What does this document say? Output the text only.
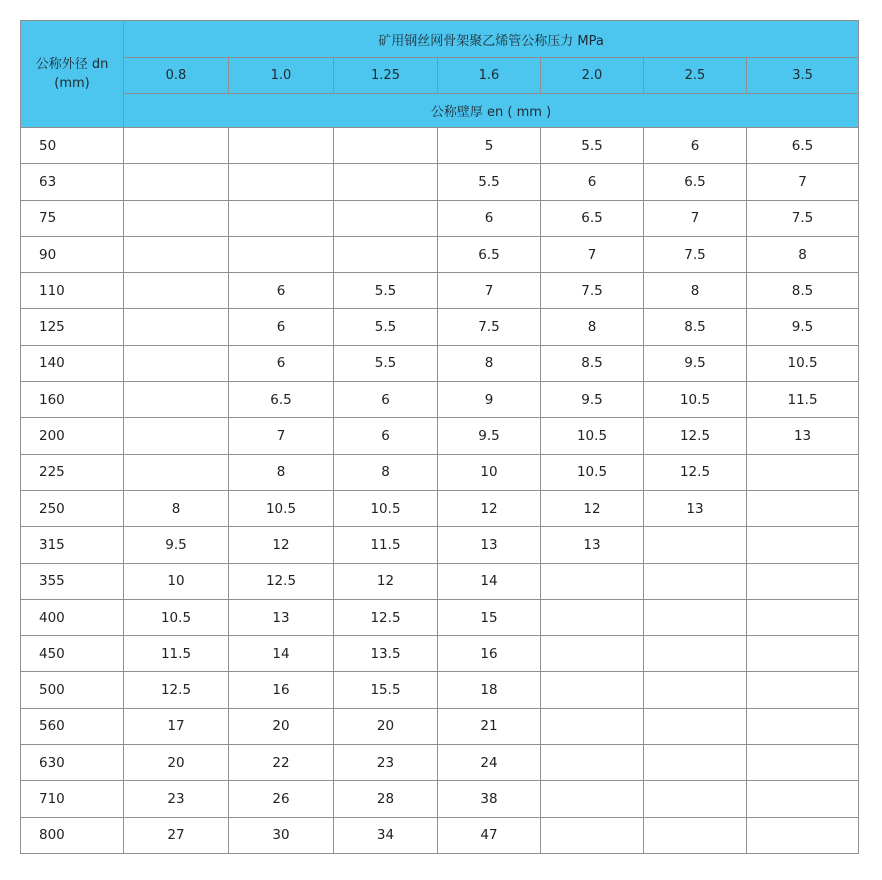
公称外径 dn
(mm)	矿用钢丝网骨架聚乙烯管公称压力 MPa						
	0.8	1.0	1.25	1.6	2.0	2.5	3.5
	公称壁厚 en ( mm )						
50				5	5.5	6	6.5
63				5.5	6	6.5	7
75				6	6.5	7	7.5
90				6.5	7	7.5	8
110		6	5.5	7	7.5	8	8.5
125		6	5.5	7.5	8	8.5	9.5
140		6	5.5	8	8.5	9.5	10.5
160		6.5	6	9	9.5	10.5	11.5
200		7	6	9.5	10.5	12.5	13
225		8	8	10	10.5	12.5	
250	8	10.5	10.5	12	12	13	
315	9.5	12	11.5	13	13		
355	10	12.5	12	14			
400	10.5	13	12.5	15			
450	11.5	14	13.5	16			
500	12.5	16	15.5	18			
560	17	20	20	21			
630	20	22	23	24			
710	23	26	28	38			
800	27	30	34	47			
